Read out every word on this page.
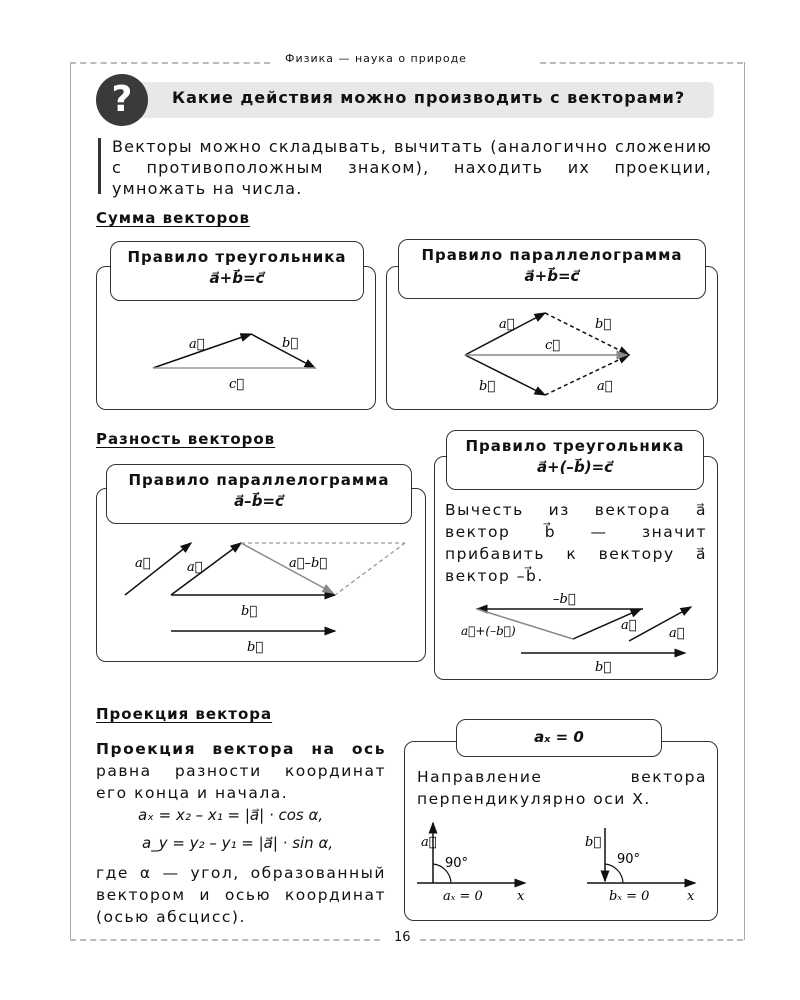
Физика — наука о природе
16
?	Какие действия можно производить с векторами?
Векторы можно складывать, вычитать (аналогично сложению с противоположным знаком), находить их проекции, умножать на числа.
Сумма векторов
a⃗	b⃗
c⃗
Правило треугольника
a⃗+b⃗=c⃗
a⃗	b⃗
c⃗
b⃗	a⃗
Правило параллелограмма
a⃗+b⃗=c⃗
Разность векторов
a⃗	a⃗	a⃗–b⃗
b⃗
b⃗
Правило параллелограмма
a⃗–b⃗=c⃗
–b⃗
a⃗+(–b⃗)	a⃗
a⃗
b⃗
Вычесть из вектора a⃗ вектор b⃗ — значит прибавить к вектору a⃗ вектор –b⃗.
Правило треугольника
a⃗+(–b⃗)=c⃗
Проекция вектора
Проекция вектора на ось равна разности координат его конца и начала.
aₓ = x₂ – x₁ = |a⃗| · cos α,
a_y = y₂ – y₁ = |a⃗| · sin α,
где α — угол, образованный вектором и осью координат (осью абсцисс).
Направление вектора перпендикулярно оси X.
a⃗	b⃗
x	x
90°	90°
aₓ = 0	bₓ = 0
aₓ = 0
